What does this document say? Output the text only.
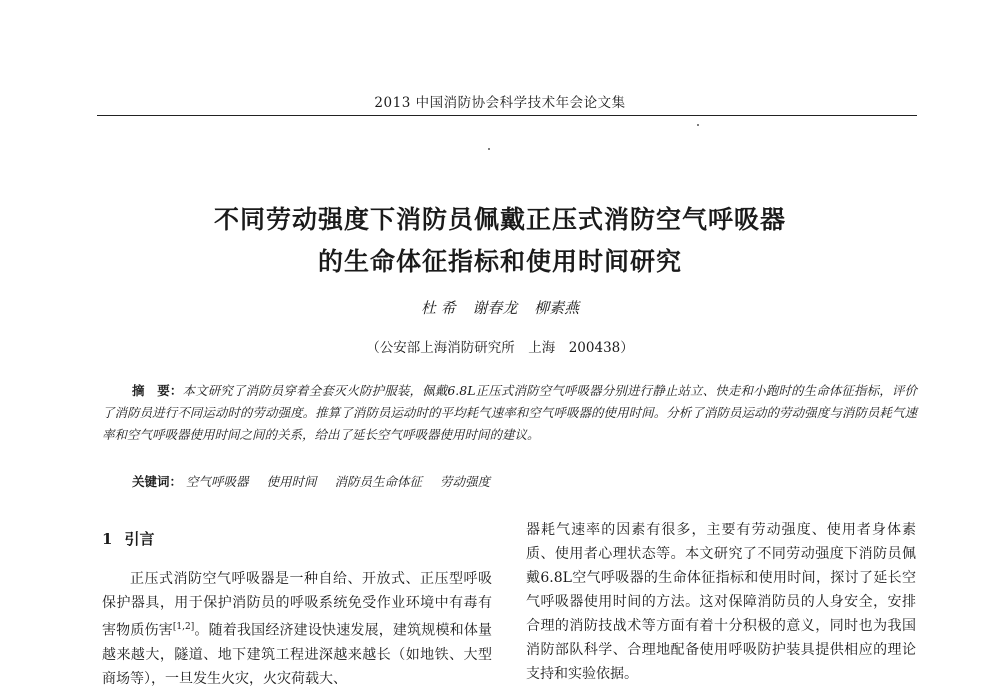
2013 中国消防协会科学技术年会论文集
不同劳动强度下消防员佩戴正压式消防空气呼吸器
的生命体征指标和使用时间研究
杜 希 谢春龙 柳素燕
（公安部上海消防研究所　上海　200438）
摘　要：本文研究了消防员穿着全套灭火防护服装，佩戴6.8L正压式消防空气呼吸器分别进行静止站立、快走和小跑时的生命体征指标，评价了消防员进行不同运动时的劳动强度。推算了消防员运动时的平均耗气速率和空气呼吸器的使用时间。分析了消防员运动的劳动强度与消防员耗气速率和空气呼吸器使用时间之间的关系，给出了延长空气呼吸器使用时间的建议。
关键词： 空气呼吸器 使用时间 消防员生命体征 劳动强度
1 引言

正压式消防空气呼吸器是一种自给、开放式、正压型呼吸保护器具，用于保护消防员的呼吸系统免受作业环境中有毒有害物质伤害[1,2]。随着我国经济建设快速发展，建筑规模和体量越来越大，隧道、地下建筑工程进深越来越长（如地铁、大型商场等），一旦发生火灾，火灾荷载大、

器耗气速率的因素有很多，主要有劳动强度、使用者身体素质、使用者心理状态等。本文研究了不同劳动强度下消防员佩戴6.8L空气呼吸器的生命体征指标和使用时间，探讨了延长空气呼吸器使用时间的方法。这对保障消防员的人身安全，安排合理的消防技战术等方面有着十分积极的意义，同时也为我国消防部队科学、合理地配备使用呼吸防护装具提供相应的理论支持和实验依据。
